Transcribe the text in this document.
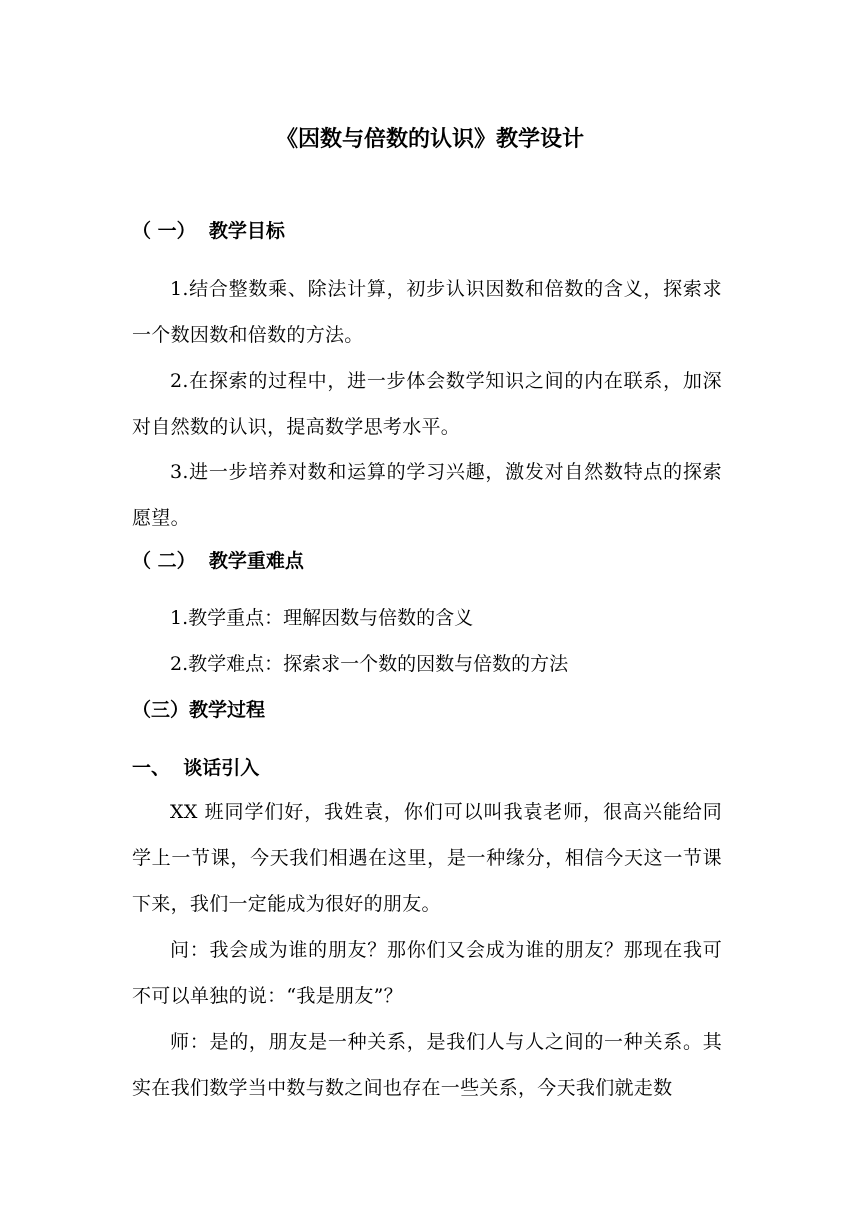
《因数与倍数的认识》教学设计
（ 一）  教学目标
1.结合整数乘、除法计算，初步认识因数和倍数的含义，探索求一个数因数和倍数的方法。
2.在探索的过程中，进一步体会数学知识之间的内在联系，加深对自然数的认识，提高数学思考水平。
3.进一步培养对数和运算的学习兴趣，激发对自然数特点的探索愿望。
（ 二）  教学重难点
1.教学重点：理解因数与倍数的含义
2.教学难点：探索求一个数的因数与倍数的方法
（三）教学过程
一、  谈话引入
XX 班同学们好，我姓袁，你们可以叫我袁老师，很高兴能给同学上一节课，今天我们相遇在这里，是一种缘分，相信今天这一节课下来，我们一定能成为很好的朋友。
问：我会成为谁的朋友？那你们又会成为谁的朋友？那现在我可不可以单独的说：“我是朋友”？
师：是的，朋友是一种关系，是我们人与人之间的一种关系。其实在我们数学当中数与数之间也存在一些关系，今天我们就走数
